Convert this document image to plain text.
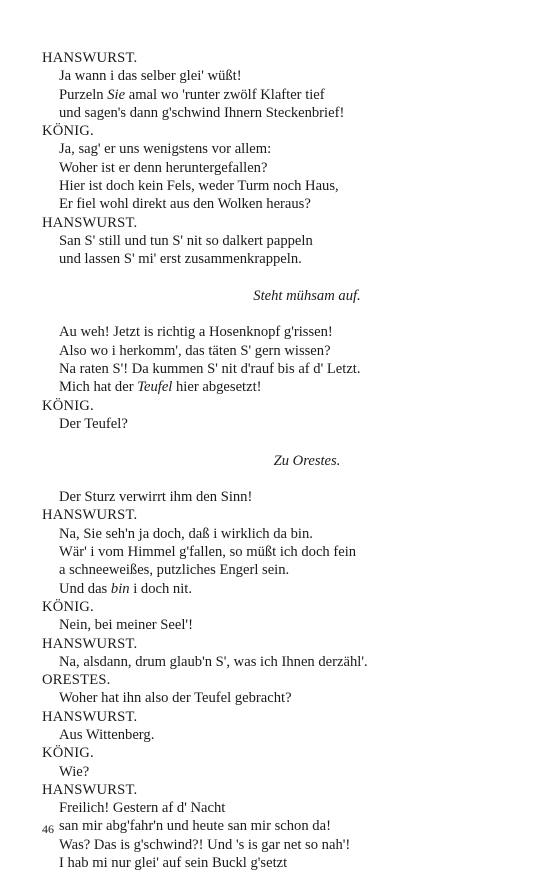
HANSWURST.
Ja wann i das selber glei' wüßt!
Purzeln Sie amal wo 'runter zwölf Klafter tief
und sagen's dann g'schwind Ihnern Steckenbrief!
KÖNIG.
Ja, sag' er uns wenigstens vor allem:
Woher ist er denn heruntergefallen?
Hier ist doch kein Fels, weder Turm noch Haus,
Er fiel wohl direkt aus den Wolken heraus?
HANSWURST.
San S' still und tun S' nit so dalkert pappeln
und lassen S' mi' erst zusammenkrappeln.
Steht mühsam auf.
Au weh! Jetzt is richtig a Hosenknopf g'rissen!
Also wo i herkomm', das täten S' gern wissen?
Na raten S'! Da kummen S' nit d'rauf bis af d' Letzt.
Mich hat der Teufel hier abgesetzt!
KÖNIG.
Der Teufel?
Zu Orestes.
Der Sturz verwirrt ihm den Sinn!
HANSWURST.
Na, Sie seh'n ja doch, daß i wirklich da bin.
Wär' i vom Himmel g'fallen, so müßt ich doch fein
a schneeweißes, putzliches Engerl sein.
Und das bin i doch nit.
KÖNIG.
Nein, bei meiner Seel'!
HANSWURST.
Na, alsdann, drum glaub'n S', was ich Ihnen derzähl'.
ORESTES.
Woher hat ihn also der Teufel gebracht?
HANSWURST.
Aus Wittenberg.
KÖNIG.
Wie?
HANSWURST.
Freilich! Gestern af d' Nacht
san mir abg'fahr'n und heute san mir schon da!
Was? Das is g'schwind?! Und 's is gar net so nah'!
I hab mi nur glei' auf sein Buckl g'setzt
46
